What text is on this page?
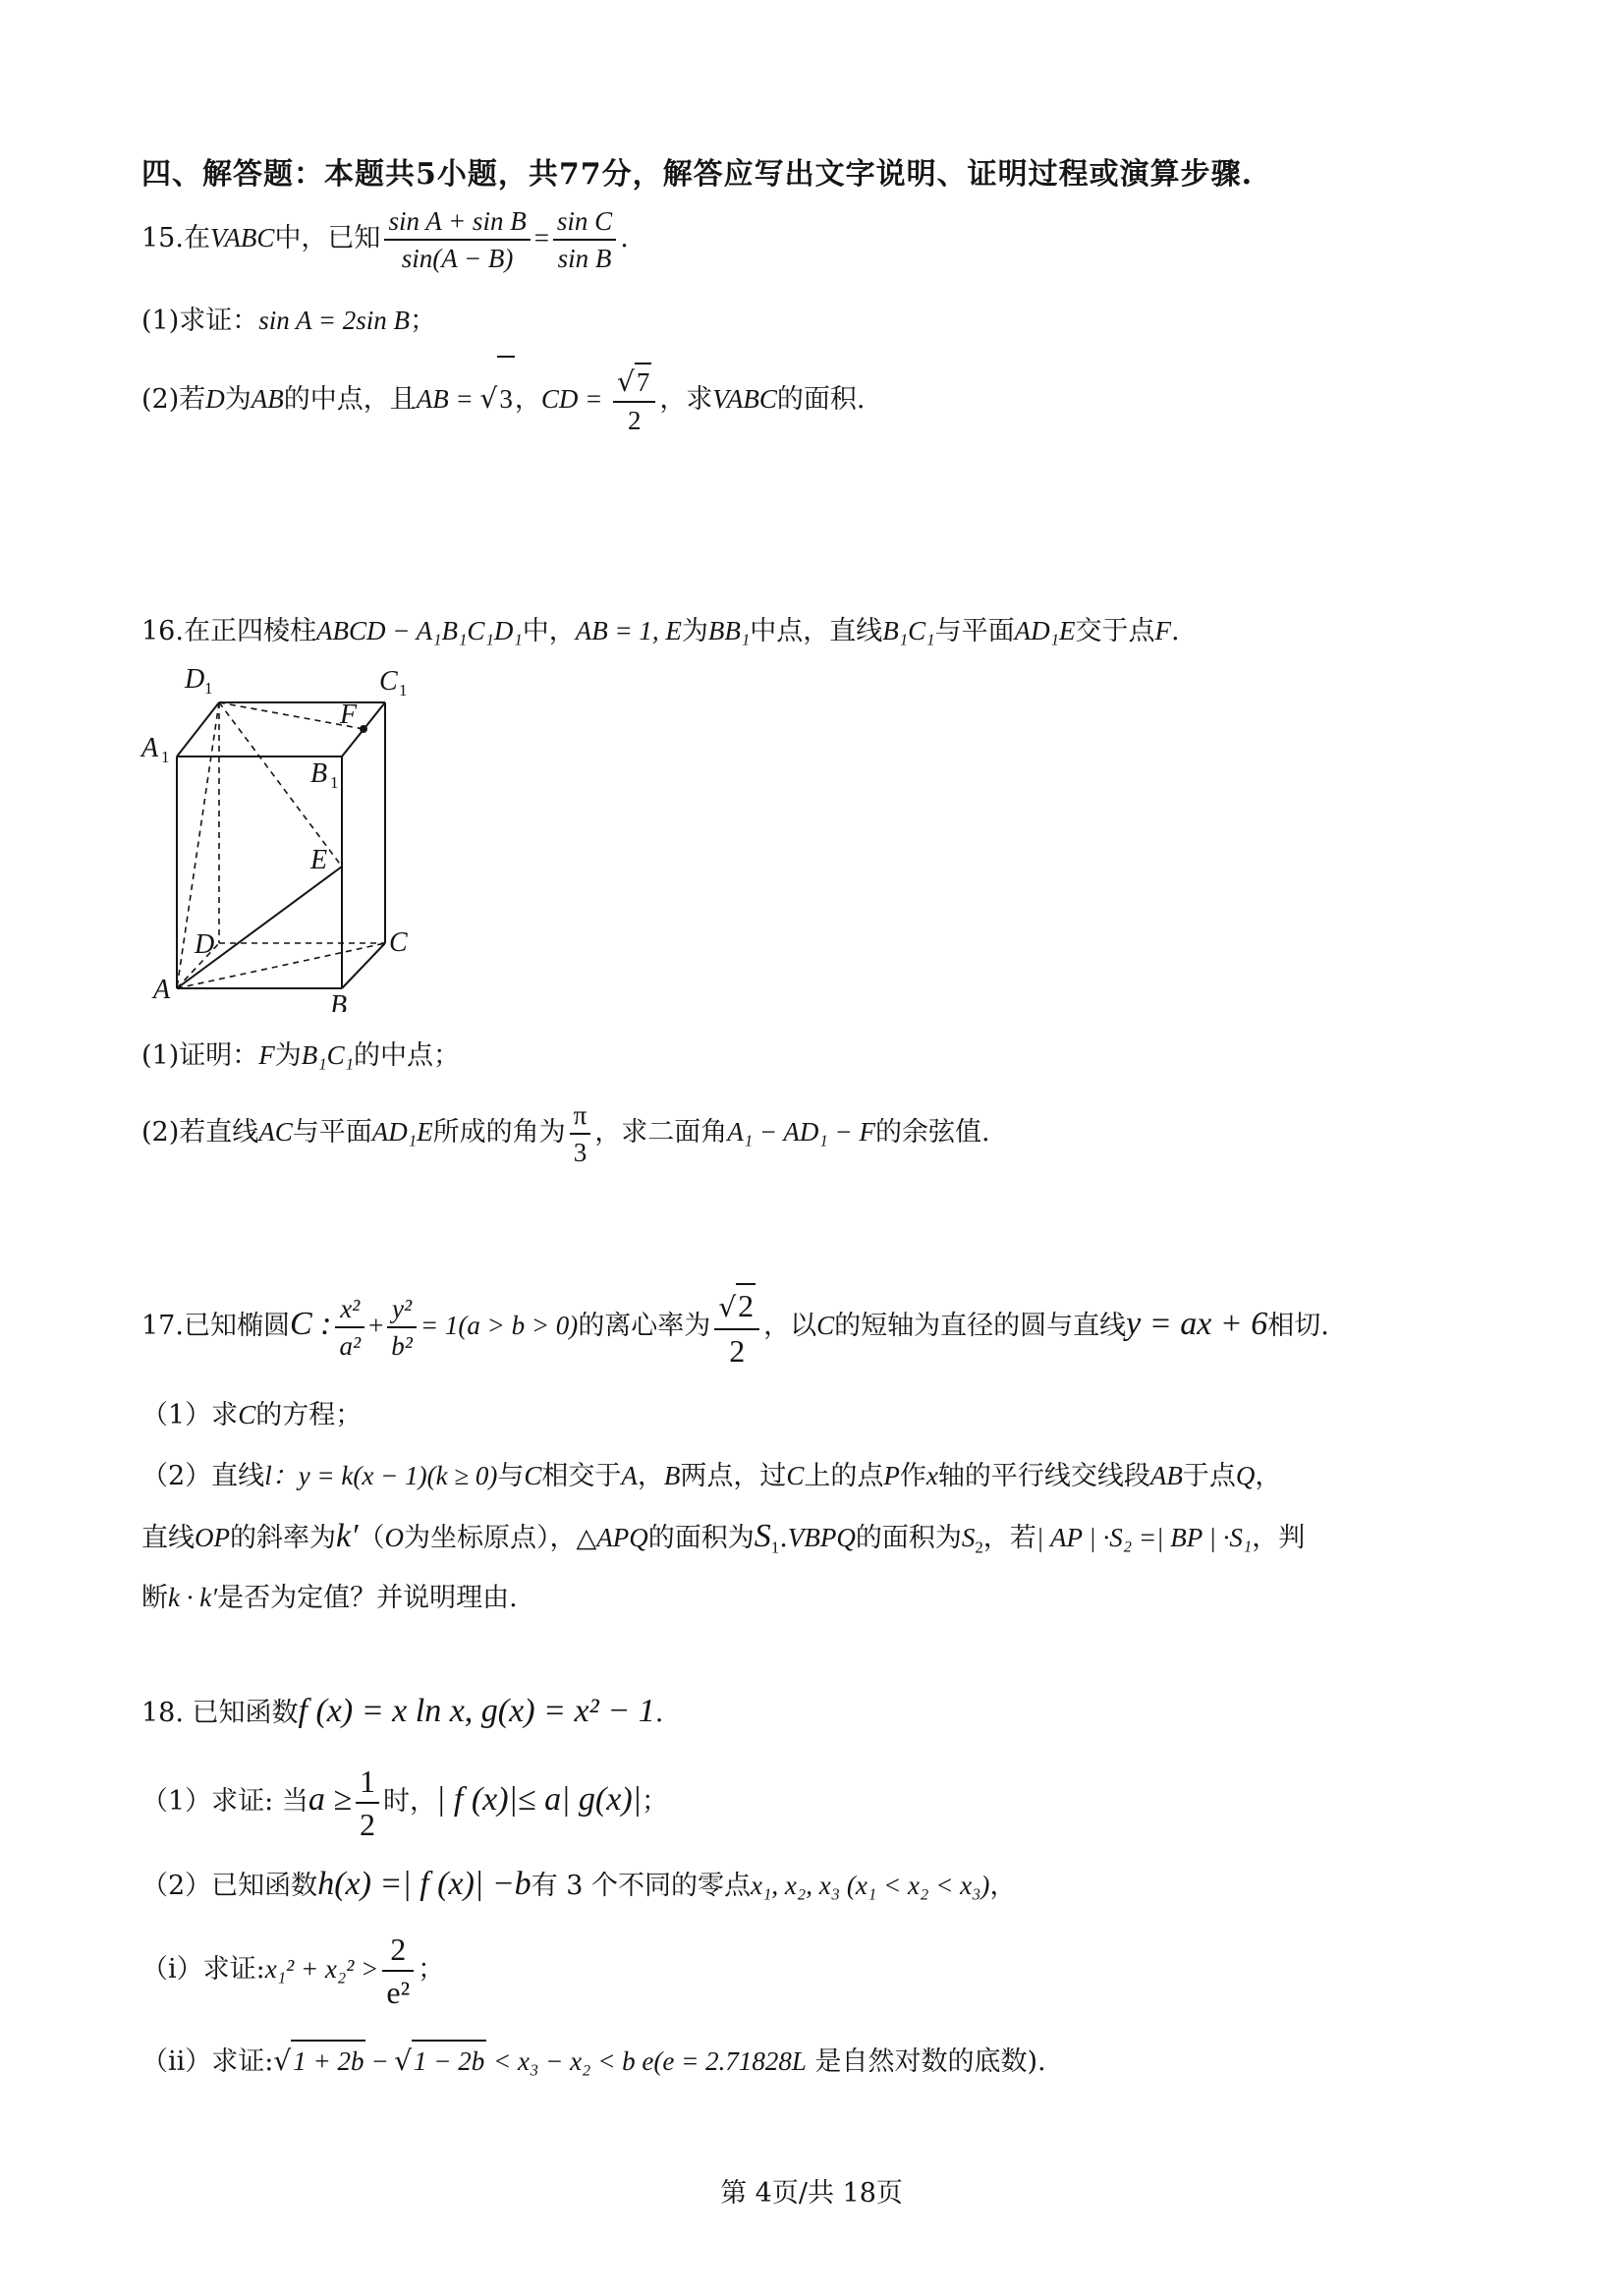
四、解答题：本题共5小题，共77分，解答应写出文字说明、证明过程或演算步骤.
15.在VABC中，已知 $\frac{\text{sin A + sin B}}{\sin(A - B)} = \frac{\text{sin C}}{\text{sin B}}$ .
(1)求证：sin A = 2sin B；
(2)若D为AB的中点，且AB = √3，CD = $\frac{√7}{2}$ ，求VABC的面积.
16.在正四棱柱ABCD − A₁B₁C₁D₁中，AB = 1, E为BB₁中点，直线B₁C₁与平面AD₁E交于点F.
D 1	C 1
A 1
B 1
F
E
D	C
A
B
(1)证明：F为B₁C₁的中点；
(2)若直线AC与平面AD₁E所成的角为 $\frac{\pi}{3}$ ，求二面角A₁ − AD₁ − F的余弦值.
17.已知椭圆C : $\frac{\text{x²}}{\text{a²}} + \frac{\text{y²}}{\text{b²}} = 1(a > b > 0)$的离心率为 $\frac{√2}{2}$ ，以C的短轴为直径的圆与直线y = ax + 6相切.
（1）求C的方程；
（2）直线l：y = k(x − 1)(k ≥ 0)与C相交于A，B两点，过C上的点P作x轴的平行线交线段AB于点Q，
直线OP的斜率为k′（O为坐标原点），△APQ的面积为$S_1.VBPQ$的面积为$S_2$，若| AP | ·S₂ =| BP | ·S₁，判
断k · k′是否为定值？并说明理由.
18. 已知函数f (x) = x ln x, g(x) = x² − 1.
（1）求证: 当$a \ge \frac{1}{2}$ 时，| f (x)|≤ a| g(x)|；
（2）已知函数h(x) =| f (x)| −b有 3 个不同的零点x₁, x₂, x₃ (x₁ < x₂ < x₃)，
（i）求证:x₁² + $x_2^2 > \frac{2}{\text{e²}}$ ；
（ii）求证:√1 + 2b − √1 − 2b < x₃ − x₂ < b e(e = 2.71828L 是自然对数的底数).
第 4页/共 18页
